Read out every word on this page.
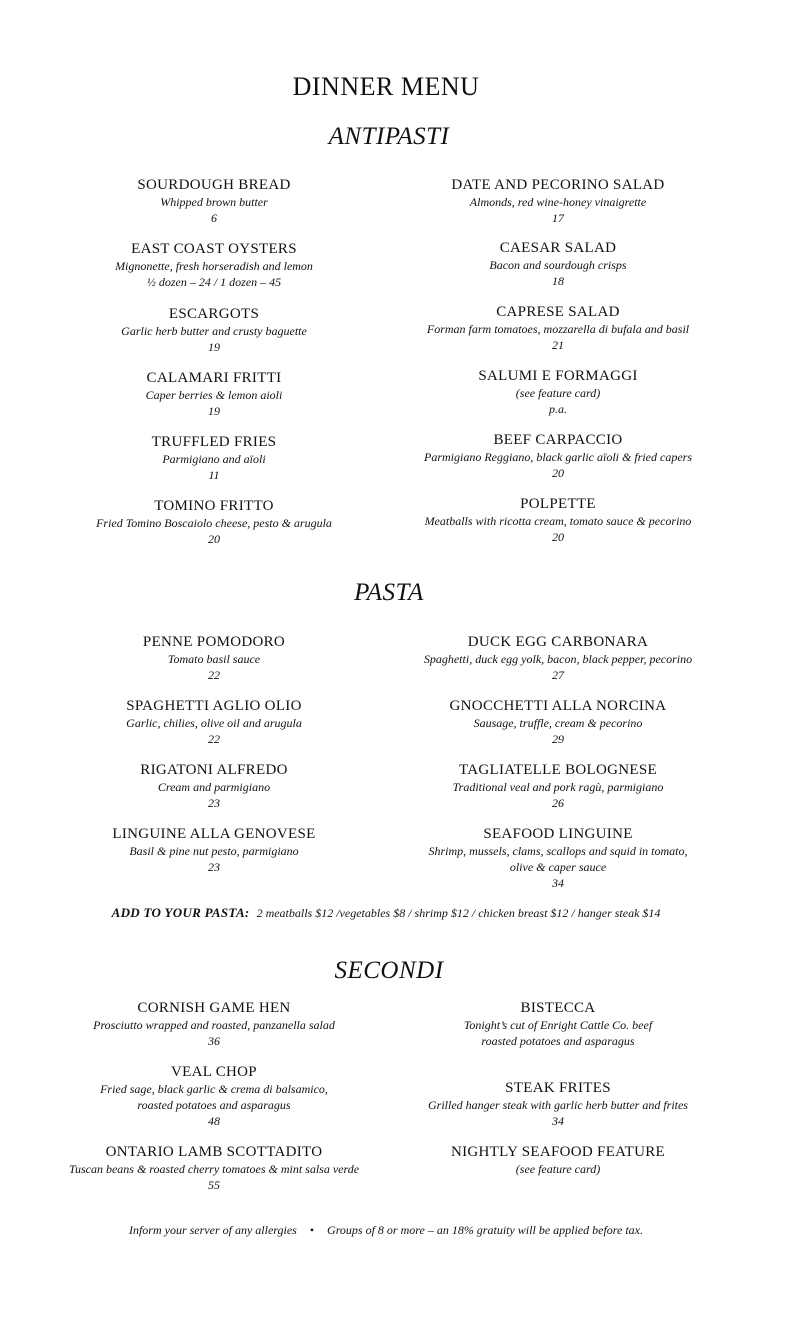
DINNER MENU
ANTIPASTI
SOURDOUGH BREAD
Whipped brown butter
6
EAST COAST OYSTERS
Mignonette, fresh horseradish and lemon
½ dozen – 24 / 1 dozen – 45
ESCARGOTS
Garlic herb butter and crusty baguette
19
CALAMARI FRITTI
Caper berries & lemon aioli
19
TRUFFLED FRIES
Parmigiano and aïoli
11
TOMINO FRITTO
Fried Tomino Boscaiolo cheese, pesto & arugula
20
DATE AND PECORINO SALAD
Almonds, red wine-honey vinaigrette
17
CAESAR SALAD
Bacon and sourdough crisps
18
CAPRESE SALAD
Forman farm tomatoes, mozzarella di bufala and basil
21
SALUMI E FORMAGGI
(see feature card)
p.a.
BEEF CARPACCIO
Parmigiano Reggiano, black garlic aïoli & fried capers
20
POLPETTE
Meatballs with ricotta cream, tomato sauce & pecorino
20
PASTA
PENNE POMODORO
Tomato basil sauce
22
SPAGHETTI AGLIO OLIO
Garlic, chilies, olive oil and arugula
22
RIGATONI ALFREDO
Cream and parmigiano
23
LINGUINE ALLA GENOVESE
Basil & pine nut pesto, parmigiano
23
DUCK EGG CARBONARA
Spaghetti, duck egg yolk, bacon, black pepper, pecorino
27
GNOCCHETTI ALLA NORCINA
Sausage, truffle, cream & pecorino
29
TAGLIATELLE BOLOGNESE
Traditional veal and pork ragù, parmigiano
26
SEAFOOD LINGUINE
Shrimp, mussels, clams, scallops and squid in tomato,
olive & caper sauce
34
ADD TO YOUR PASTA: 2 meatballs $12 /vegetables $8 / shrimp $12 / chicken breast $12 / hanger steak $14
SECONDI
CORNISH GAME HEN
Prosciutto wrapped and roasted, panzanella salad
36
VEAL CHOP
Fried sage, black garlic & crema di balsamico,
roasted potatoes and asparagus
48
ONTARIO LAMB SCOTTADITO
Tuscan beans & roasted cherry tomatoes & mint salsa verde
55
BISTECCA
Tonight’s cut of Enright Cattle Co. beef
roasted potatoes and asparagus
STEAK FRITES
Grilled hanger steak with garlic herb butter and frites
34
NIGHTLY SEAFOOD FEATURE
(see feature card)
Inform your server of any allergies • Groups of 8 or more – an 18% gratuity will be applied before tax.
